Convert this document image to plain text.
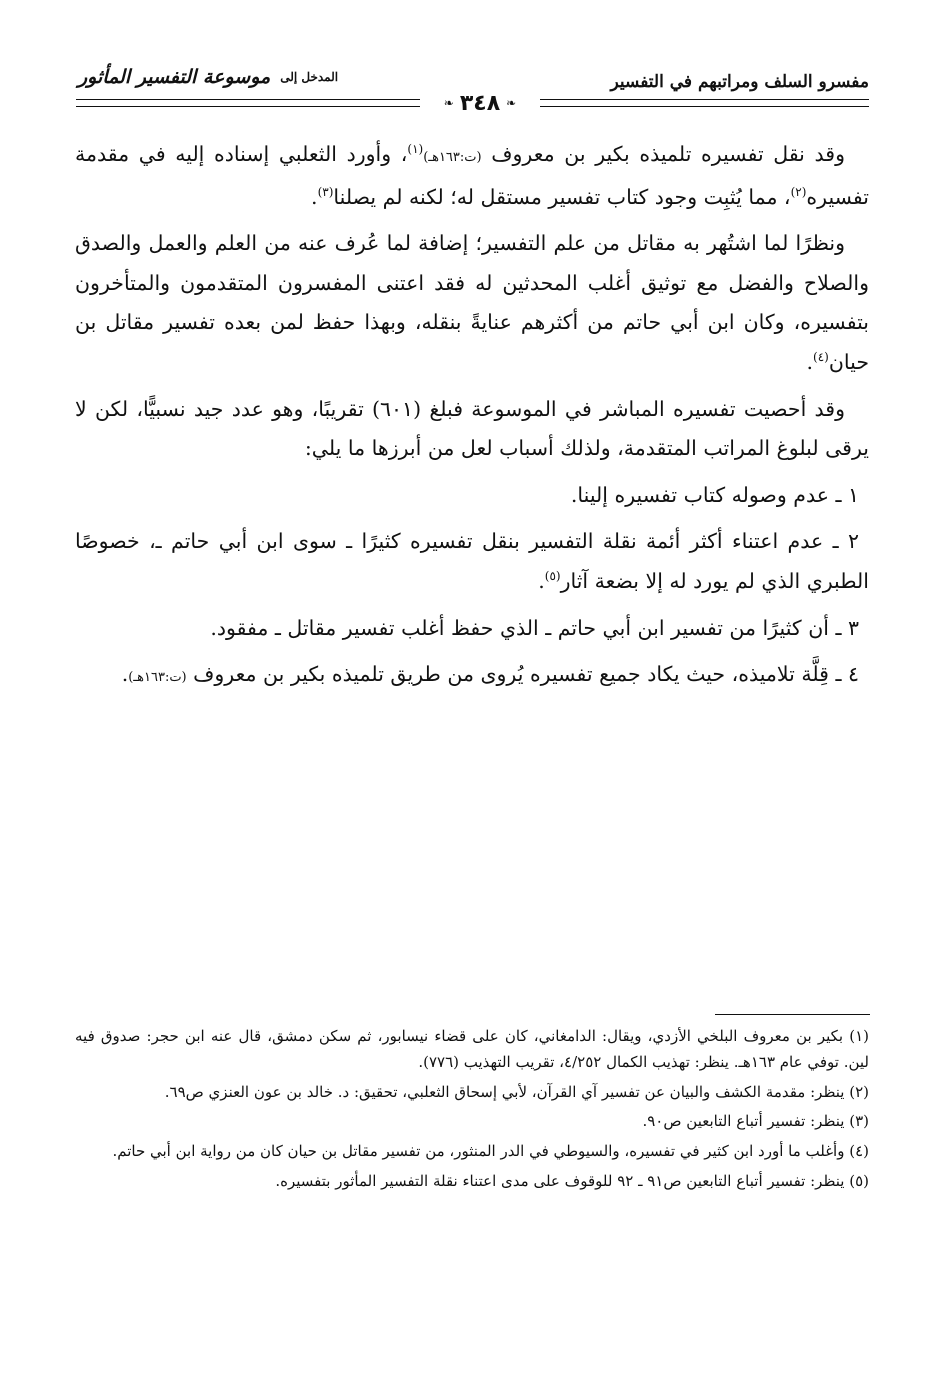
مفسرو السلف ومراتبهم في التفسير
المدخل إلى
موسوعة التفسير المأثور
❧ ٣٤٨ ❧

وقد نقل تفسيره تلميذه بكير بن معروف (ت:١٦٣هـ)$^{(١)}$، وأورد الثعلبي إسناده إليه في مقدمة تفسيره$^{(٢)}$، مما يُثبِت وجود كتاب تفسير مستقل له؛ لكنه لم يصلنا$^{(٣)}$.

ونظرًا لما اشتُهر به مقاتل من علم التفسير؛ إضافة لما عُرف عنه من العلم والعمل والصدق والصلاح والفضل مع توثيق أغلب المحدثين له فقد اعتنى المفسرون المتقدمون والمتأخرون بتفسيره، وكان ابن أبي حاتم من أكثرهم عنايةً بنقله، وبهذا حفظ لمن بعده تفسير مقاتل بن حيان$^{(٤)}$.

وقد أحصيت تفسيره المباشر في الموسوعة فبلغ (٦٠١) تقريبًا، وهو عدد جيد نسبيًّا، لكن لا يرقى لبلوغ المراتب المتقدمة، ولذلك أسباب لعل من أبرزها ما يلي:

١ ـ عدم وصوله كتاب تفسيره إلينا.

٢ ـ عدم اعتناء أكثر أئمة نقلة التفسير بنقل تفسيره كثيرًا ـ سوى ابن أبي حاتم ـ، خصوصًا الطبري الذي لم يورد له إلا بضعة آثار$^{(٥)}$.

٣ ـ أن كثيرًا من تفسير ابن أبي حاتم ـ الذي حفظ أغلب تفسير مقاتل ـ مفقود.

٤ ـ قِلَّة تلاميذه، حيث يكاد جميع تفسيره يُروى من طريق تلميذه بكير بن معروف (ت:١٦٣هـ).

(١) بكير بن معروف البلخي الأزدي، ويقال: الدامغاني، كان على قضاء نيسابور، ثم سكن دمشق، قال عنه ابن حجر: صدوق فيه لين. توفي عام ١٦٣هـ. ينظر: تهذيب الكمال ٤/٢٥٢، تقريب التهذيب (٧٧٦).

(٢) ينظر: مقدمة الكشف والبيان عن تفسير آي القرآن، لأبي إسحاق الثعلبي، تحقيق: د. خالد بن عون العنزي ص٦٩.

(٣) ينظر: تفسير أتباع التابعين ص٩٠.

(٤) وأغلب ما أورد ابن كثير في تفسيره، والسيوطي في الدر المنثور، من تفسير مقاتل بن حيان كان من رواية ابن أبي حاتم.

(٥) ينظر: تفسير أتباع التابعين ص٩١ ـ ٩٢ للوقوف على مدى اعتناء نقلة التفسير المأثور بتفسيره.
